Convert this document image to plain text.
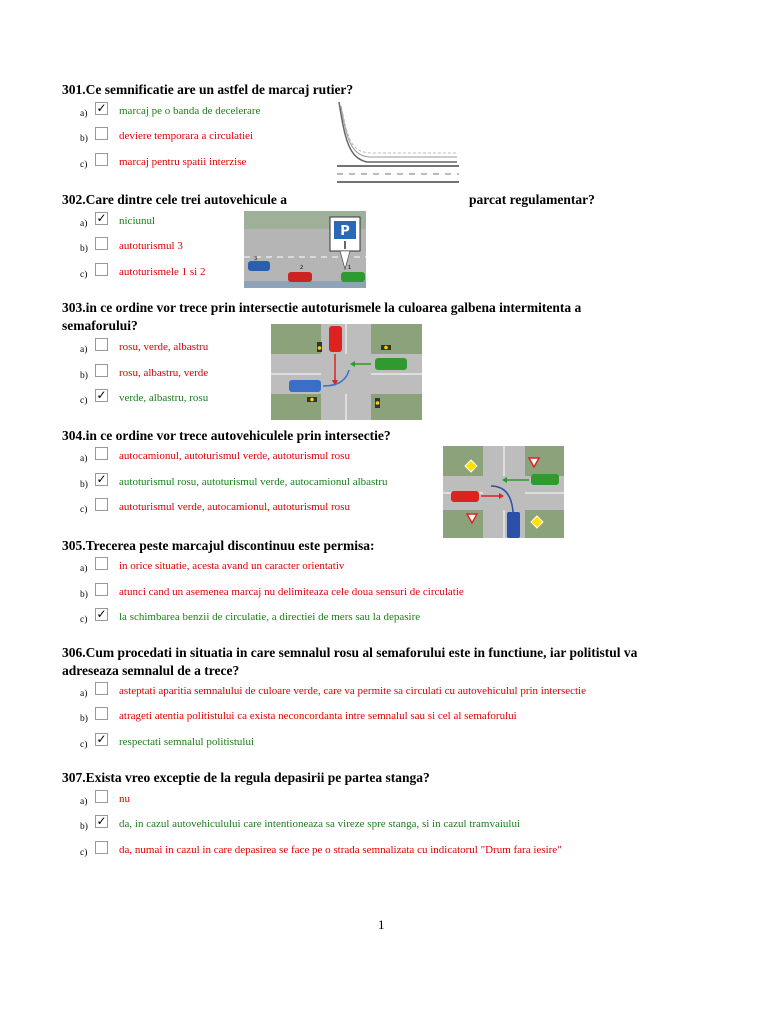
301.Ce semnificatie are un astfel de marcaj rutier?
a) ✓ marcaj pe o banda de decelerare
b)	deviere temporara a circulatiei
c)	marcaj pentru spatii interzise
302.Care dintre cele trei autovehicule a	parcat regulamentar?
a) ✓ niciunul
b)	autoturismul 3
c)	autoturismele 1 si 2
P
3
2	1
303.in ce ordine vor trece prin intersectie autoturismele la culoarea galbena intermitenta a
semaforului?
a)	rosu, verde, albastru
b)	rosu, albastru, verde
c) ✓ verde, albastru, rosu
304.in ce ordine vor trece autovehiculele prin intersectie?
a)	autocamionul, autoturismul verde, autoturismul rosu
b) ✓ autoturismul rosu, autoturismul verde, autocamionul albastru
c)	autoturismul verde, autocamionul, autoturismul rosu
305.Trecerea peste marcajul discontinuu este permisa:
a)	in orice situatie, acesta avand un caracter orientativ
b)	atunci cand un asemenea marcaj nu delimiteaza cele doua sensuri de circulatie
c) ✓ la schimbarea benzii de circulatie, a directiei de mers sau la depasire
306.Cum procedati in situatia in care semnalul rosu al semaforului este in functiune, iar politistul va
adreseaza semnalul de a trece?
a)	asteptati aparitia semnalului de culoare verde, care va permite sa circulati cu autovehiculul prin intersectie
b)	atrageti atentia politistului ca exista neconcordanta intre semnalul sau si cel al semaforului
c) ✓ respectati semnalul politistului
307.Exista vreo exceptie de la regula depasirii pe partea stanga?
a)	nu
b) ✓ da, in cazul autovehiculului care intentioneaza sa vireze spre stanga, si in cazul tramvaiului
c)	da, numai in cazul in care depasirea se face pe o strada semnalizata cu indicatorul "Drum fara iesire"
1
